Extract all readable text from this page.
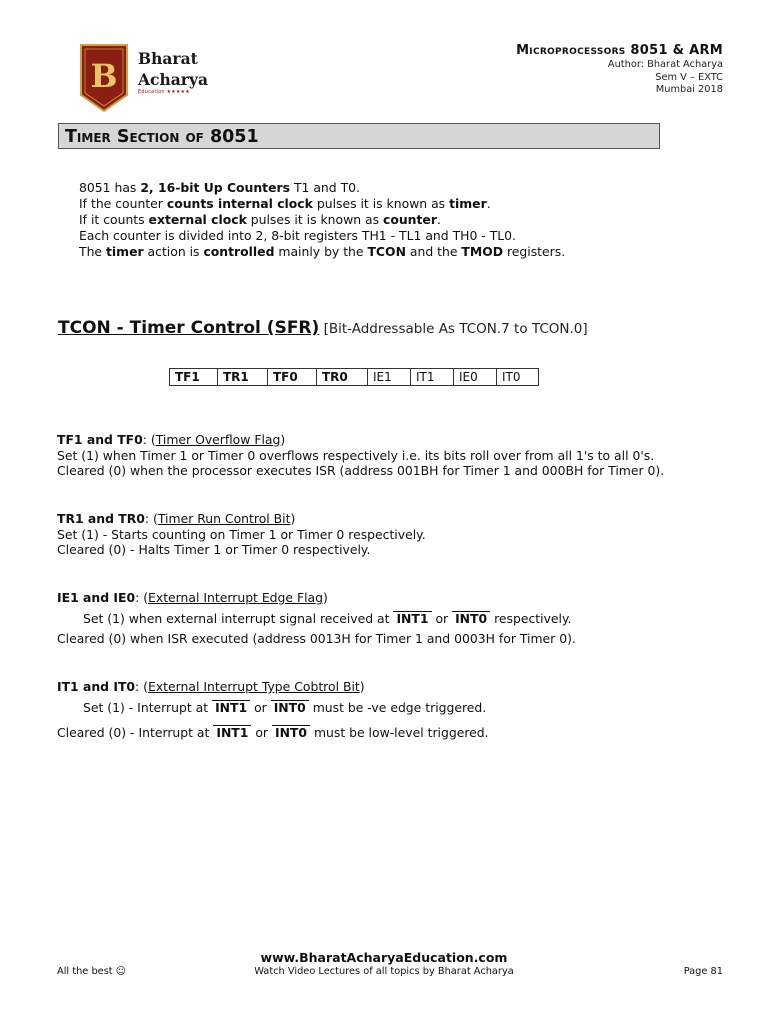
B Bharat
Acharya
Education ★★★★★
Microprocessors 8051 & ARM
Author: Bharat Acharya
Sem V – EXTC
Mumbai 2018
Timer Section of 8051
8051 has 2, 16-bit Up Counters T1 and T0.
If the counter counts internal clock pulses it is known as timer.
If it counts external clock pulses it is known as counter.
Each counter is divided into 2, 8-bit registers TH1 - TL1 and TH0 - TL0.
The timer action is controlled mainly by the TCON and the TMOD registers.
TCON - Timer Control (SFR) [Bit-Addressable As TCON.7 to TCON.0]
TF1	TR1	TF0	TR0	IE1	IT1	IE0	IT0
TF1 and TF0: (Timer Overflow Flag)
Set (1) when Timer 1 or Timer 0 overflows respectively i.e. its bits roll over from all 1's to all 0's.
Cleared (0) when the processor executes ISR (address 001BH for Timer 1 and 000BH for Timer 0).
TR1 and TR0: (Timer Run Control Bit)
Set (1) - Starts counting on Timer 1 or Timer 0 respectively.
Cleared (0) - Halts Timer 1 or Timer 0 respectively.
IE1 and IE0: (External Interrupt Edge Flag)
Set (1) when external interrupt signal received at INT1 or INT0 respectively.
Cleared (0) when ISR executed (address 0013H for Timer 1 and 0003H for Timer 0).
IT1 and IT0: (External Interrupt Type Cobtrol Bit)
Set (1) - Interrupt at INT1 or INT0 must be -ve edge triggered.
Cleared (0) - Interrupt at INT1 or INT0 must be low-level triggered.
www.BharatAcharyaEducation.com
Watch Video Lectures of all topics by Bharat Acharya
All the best ☺	Page 81
